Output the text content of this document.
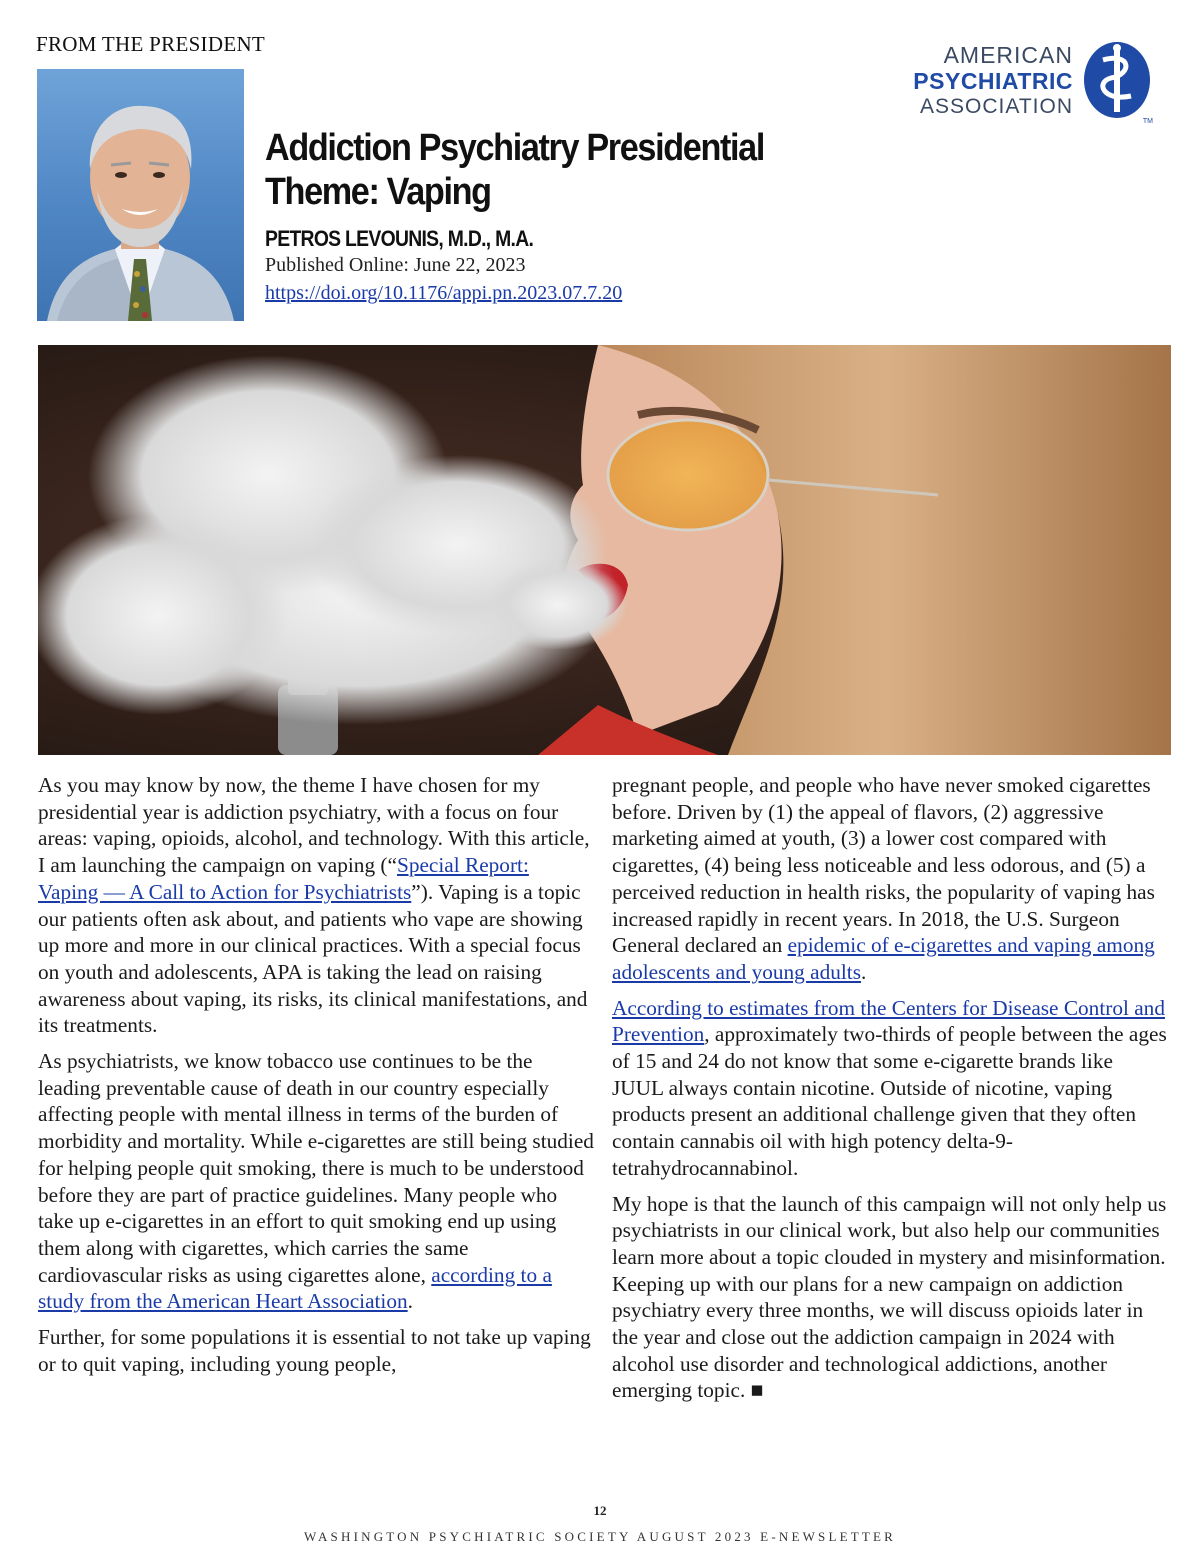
FROM THE PRESIDENT	AMERICAN
PSYCHIATRIC
ASSOCIATION
TM
Addiction Psychiatry Presidential Theme: Vaping
PETROS LEVOUNIS, M.D., M.A.
Published Online: June 22, 2023
https://doi.org/10.1176/appi.pn.2023.07.7.20

As you may know by now, the theme I have chosen for my presidential year is addiction psychiatry, with a focus on four areas: vaping, opioids, alcohol, and technology. With this article, I am launching the campaign on vaping (“Special Report: Vaping — A Call to Action for Psychiatrists”). Vaping is a topic our patients often ask about, and patients who vape are showing up more and more in our clinical practices. With a special focus on youth and adolescents, APA is taking the lead on raising awareness about vaping, its risks, its clinical manifestations, and its treatments.

As psychiatrists, we know tobacco use continues to be the leading preventable cause of death in our country especially affecting people with mental illness in terms of the burden of morbidity and mortality. While e-cigarettes are still being studied for helping people quit smoking, there is much to be understood before they are part of practice guidelines. Many people who take up e-cigarettes in an effort to quit smoking end up using them along with cigarettes, which carries the same cardiovascular risks as using cigarettes alone, according to a study from the American Heart Association.

Further, for some populations it is essential to not take up vaping or to quit vaping, including young people,

pregnant people, and people who have never smoked cigarettes before. Driven by (1) the appeal of flavors, (2) aggressive marketing aimed at youth, (3) a lower cost compared with cigarettes, (4) being less noticeable and less odorous, and (5) a perceived reduction in health risks, the popularity of vaping has increased rapidly in recent years. In 2018, the U.S. Surgeon General declared an epidemic of e-cigarettes and vaping among adolescents and young adults.

According to estimates from the Centers for Disease Control and Prevention, approximately two-thirds of people between the ages of 15 and 24 do not know that some e-cigarette brands like JUUL always contain nicotine. Outside of nicotine, vaping products present an additional challenge given that they often contain cannabis oil with high potency delta-9-tetrahydrocannabinol.

My hope is that the launch of this campaign will not only help us psychiatrists in our clinical work, but also help our communities learn more about a topic clouded in mystery and misinformation. Keeping up with our plans for a new campaign on addiction psychiatry every three months, we will discuss opioids later in the year and close out the addiction campaign in 2024 with alcohol use disorder and technological addictions, another emerging topic. ■

12
WASHINGTON PSYCHIATRIC SOCIETY AUGUST 2023 E-NEWSLETTER
